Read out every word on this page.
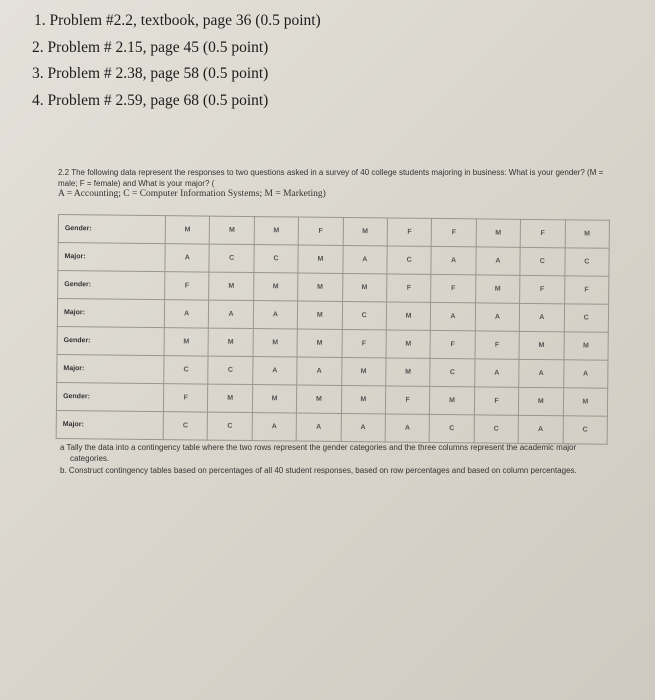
1. Problem #2.2, textbook, page 36 (0.5 point)
2. Problem # 2.15, page 45 (0.5 point)
3. Problem # 2.38, page 58 (0.5 point)
4. Problem # 2.59, page 68 (0.5 point)
2.2 The following data represent the responses to two questions asked in a survey of 40 college students majoring in business: What is your gender? (M = male; F = female) and What is your major? (
A = Accounting; C = Computer Information Systems; M = Marketing)
Gender:	M	M	M	F	M	F	F	M	F	M
Major:	A	C	C	M	A	C	A	A	C	C
Gender:	F	M	M	M	M	F	F	M	F	F
Major:	A	A	A	M	C	M	A	A	A	C
Gender:	M	M	M	M	F	M	F	F	M	M
Major:	C	C	A	A	M	M	C	A	A	A
Gender:	F	M	M	M	M	F	M	F	M	M
Major:	C	C	A	A	A	A	C	C	A	C
a Tally the data into a contingency table where the two rows represent the gender categories and the three columns represent the academic major categories.
b. Construct contingency tables based on percentages of all 40 student responses, based on row percentages and based on column percentages.
